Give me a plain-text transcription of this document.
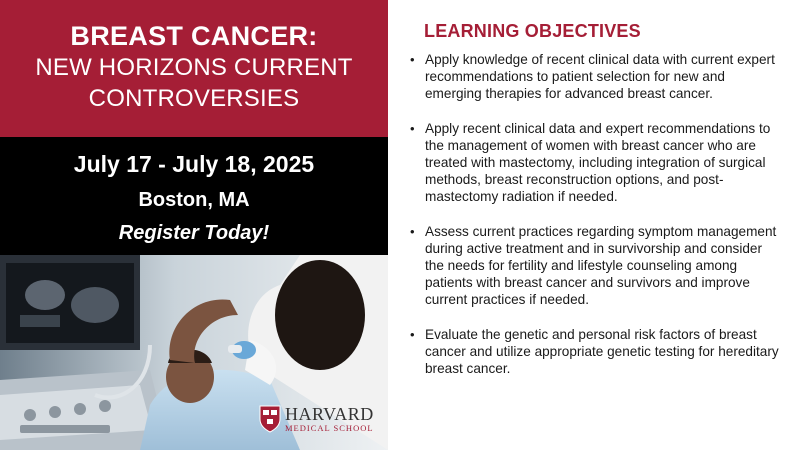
BREAST CANCER:
NEW HORIZONS CURRENT
CONTROVERSIES
July 17 - July 18, 2025
Boston, MA
Register Today!
HARVARD
MEDICAL SCHOOL
LEARNING OBJECTIVES
• Apply knowledge of recent clinical data with current expert recommendations to patient selection for new and emerging therapies for advanced breast cancer.
• Apply recent clinical data and expert recommendations to the management of women with breast cancer who are treated with mastectomy, including integration of surgical methods, breast reconstruction options, and post-mastectomy radiation if needed.
• Assess current practices regarding symptom management during active treatment and in survivorship and consider the needs for fertility and lifestyle counseling among patients with breast cancer and survivors and improve current practices if needed.
• Evaluate the genetic and personal risk factors of breast cancer and utilize appropriate genetic testing for hereditary breast cancer.
